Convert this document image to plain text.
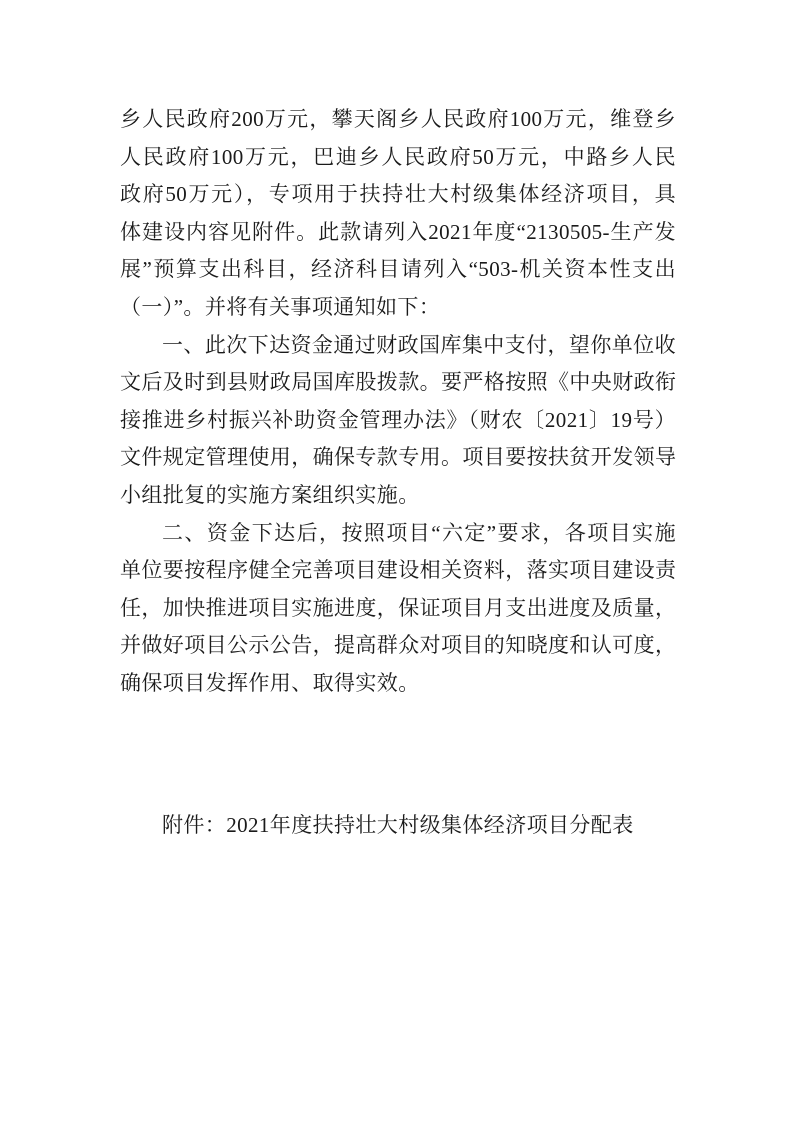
乡人民政府200万元，攀天阁乡人民政府100万元，维登乡
人民政府100万元，巴迪乡人民政府50万元，中路乡人民
政府50万元），专项用于扶持壮大村级集体经济项目，具
体建设内容见附件。此款请列入2021年度“2130505-生产发
展”预算支出科目，经济科目请列入“503-机关资本性支出
（一）”。并将有关事项通知如下：
一、此次下达资金通过财政国库集中支付，望你单位收
文后及时到县财政局国库股拨款。要严格按照《中央财政衔
接推进乡村振兴补助资金管理办法》（财农〔2021〕19号）
文件规定管理使用，确保专款专用。项目要按扶贫开发领导
小组批复的实施方案组织实施。
二、资金下达后，按照项目“六定”要求，各项目实施
单位要按程序健全完善项目建设相关资料，落实项目建设责
任，加快推进项目实施进度，保证项目月支出进度及质量，
并做好项目公示公告，提高群众对项目的知晓度和认可度，
确保项目发挥作用、取得实效。
附件：2021年度扶持壮大村级集体经济项目分配表
